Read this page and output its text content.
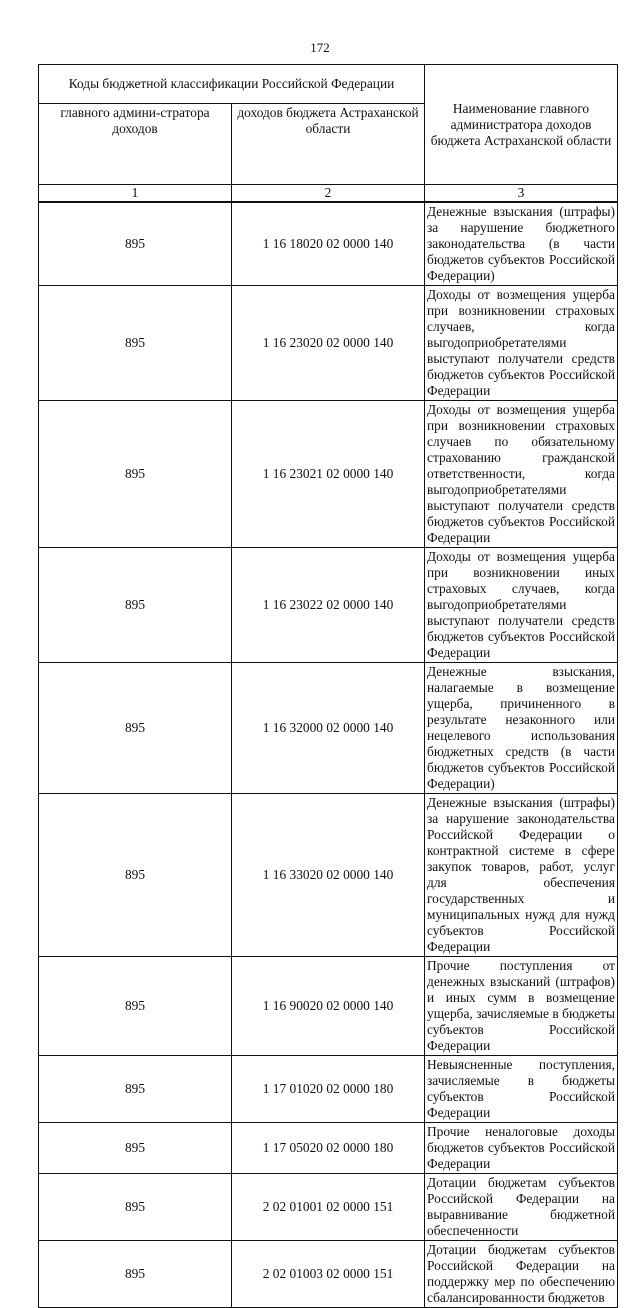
172
Коды бюджетной классификации Российской Федерации		Наименование главного администратора доходов бюджета Астраханской области
главного админи-стратора доходов	доходов бюджета Астраханской области	
1	2	3
895	1 16 18020 02 0000 140	Денежные взыскания (штрафы) за нарушение бюджетного законодательства (в части бюджетов субъектов Российской Федерации)
895	1 16 23020 02 0000 140	Доходы от возмещения ущерба при возникновении страховых случаев, когда выгодоприобретателями выступают получатели средств бюджетов субъектов Российской Федерации
895	1 16 23021 02 0000 140	Доходы от возмещения ущерба при возникновении страховых случаев по обязательному страхованию гражданской ответственности, когда выгодоприобретателями выступают получатели средств бюджетов субъектов Российской Федерации
895	1 16 23022 02 0000 140	Доходы от возмещения ущерба при возникновении иных страховых случаев, когда выгодоприобретателями выступают получатели средств бюджетов субъектов Российской Федерации
895	1 16 32000 02 0000 140	Денежные взыскания, налагаемые в возмещение ущерба, причиненного в результате незаконного или нецелевого использования бюджетных средств (в части бюджетов субъектов Российской Федерации)
895	1 16 33020 02 0000 140	Денежные взыскания (штрафы) за нарушение законодательства Российской Федерации о контрактной системе в сфере закупок товаров, работ, услуг для обеспечения государственных и муниципальных нужд для нужд субъектов Российской Федерации
895	1 16 90020 02 0000 140	Прочие поступления от денежных взысканий (штрафов) и иных сумм в возмещение ущерба, зачисляемые в бюджеты субъектов Российской Федерации
895	1 17 01020 02 0000 180	Невыясненные поступления, зачисляемые в бюджеты субъектов Российской Федерации
895	1 17 05020 02 0000 180	Прочие неналоговые доходы бюджетов субъектов Российской Федерации
895	2 02 01001 02 0000 151	Дотации бюджетам субъектов Российской Федерации на выравнивание бюджетной обеспеченности
895	2 02 01003 02 0000 151	Дотации бюджетам субъектов Российской Федерации на поддержку мер по обеспечению сбалансированности бюджетов
